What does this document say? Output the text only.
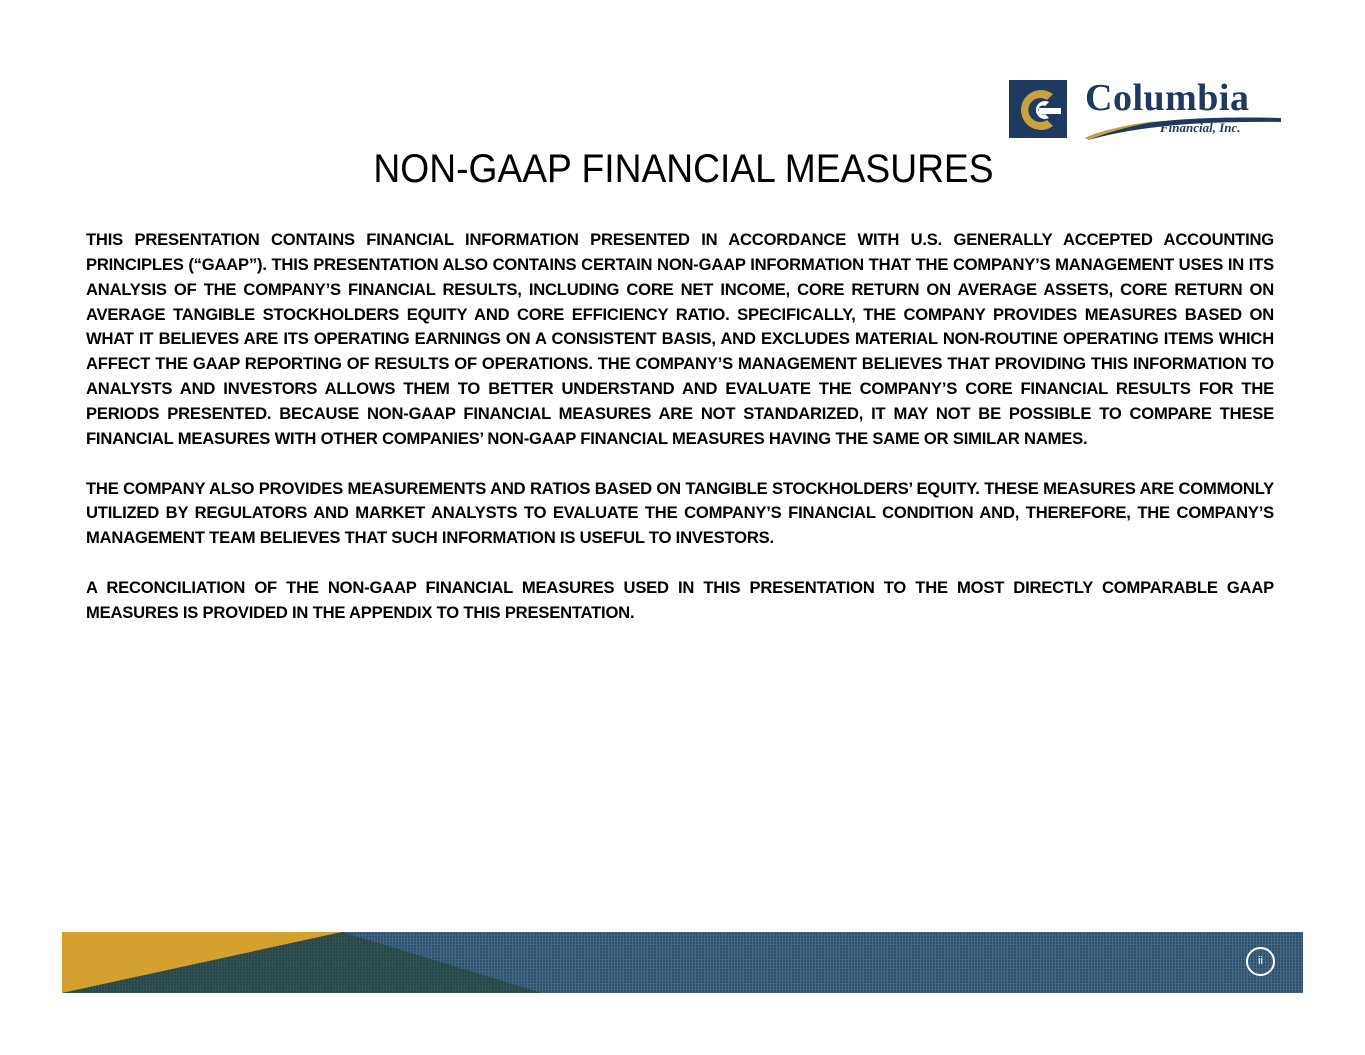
Columbia
Financial, Inc.
NON-GAAP FINANCIAL MEASURES

THIS PRESENTATION CONTAINS FINANCIAL INFORMATION PRESENTED IN ACCORDANCE WITH U.S. GENERALLY ACCEPTED ACCOUNTING PRINCIPLES (“GAAP”). THIS PRESENTATION ALSO CONTAINS CERTAIN NON-GAAP INFORMATION THAT THE COMPANY’S MANAGEMENT USES IN ITS ANALYSIS OF THE COMPANY’S FINANCIAL RESULTS, INCLUDING CORE NET INCOME, CORE RETURN ON AVERAGE ASSETS, CORE RETURN ON AVERAGE TANGIBLE STOCKHOLDERS EQUITY AND CORE EFFICIENCY RATIO. SPECIFICALLY, THE COMPANY PROVIDES MEASURES BASED ON WHAT IT BELIEVES ARE ITS OPERATING EARNINGS ON A CONSISTENT BASIS, AND EXCLUDES MATERIAL NON-ROUTINE OPERATING ITEMS WHICH AFFECT THE GAAP REPORTING OF RESULTS OF OPERATIONS. THE COMPANY’S MANAGEMENT BELIEVES THAT PROVIDING THIS INFORMATION TO ANALYSTS AND INVESTORS ALLOWS THEM TO BETTER UNDERSTAND AND EVALUATE THE COMPANY’S CORE FINANCIAL RESULTS FOR THE PERIODS PRESENTED. BECAUSE NON-GAAP FINANCIAL MEASURES ARE NOT STANDARIZED, IT MAY NOT BE POSSIBLE TO COMPARE THESE FINANCIAL MEASURES WITH OTHER COMPANIES’ NON-GAAP FINANCIAL MEASURES HAVING THE SAME OR SIMILAR NAMES.

THE COMPANY ALSO PROVIDES MEASUREMENTS AND RATIOS BASED ON TANGIBLE STOCKHOLDERS’ EQUITY. THESE MEASURES ARE COMMONLY UTILIZED BY REGULATORS AND MARKET ANALYSTS TO EVALUATE THE COMPANY’S FINANCIAL CONDITION AND, THEREFORE, THE COMPANY’S MANAGEMENT TEAM BELIEVES THAT SUCH INFORMATION IS USEFUL TO INVESTORS.

A RECONCILIATION OF THE NON-GAAP FINANCIAL MEASURES USED IN THIS PRESENTATION TO THE MOST DIRECTLY COMPARABLE GAAP MEASURES IS PROVIDED IN THE APPENDIX TO THIS PRESENTATION.

ii
